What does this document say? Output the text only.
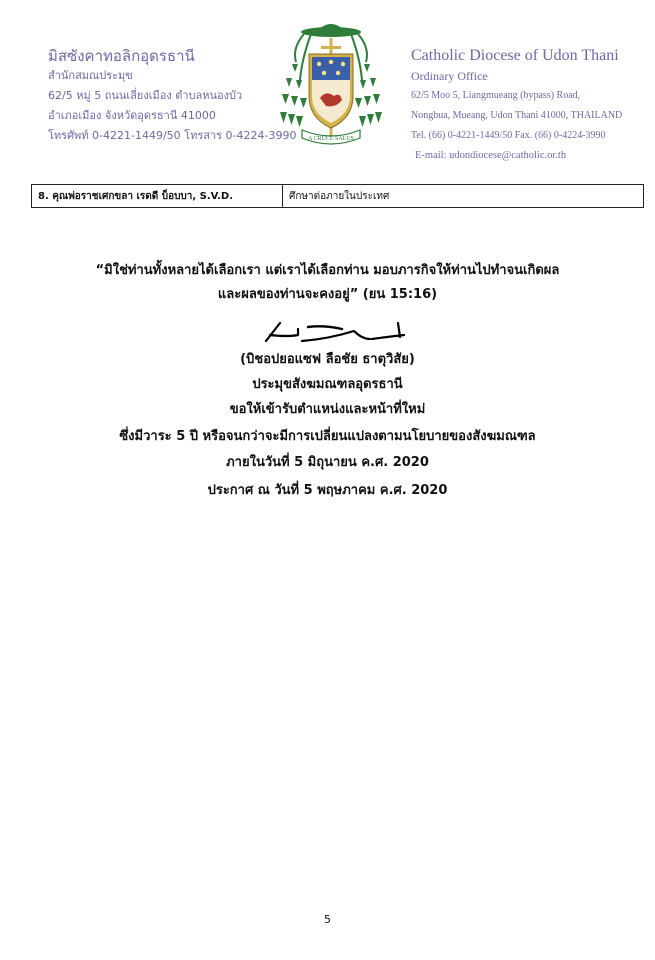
มิสซังคาทอลิกอุดรธานี
สำนักสมณประมุข
62/5 หมู่ 5 ถนนเลี่ยงเมือง ตำบลหนองบัว
อำเภอเมือง จังหวัดอุดรธานี 41000
โทรศัพท์ 0-4221-1449/50 โทรสาร 0-4224-3990 A CRUCE SALUS
Catholic Diocese of Udon Thani
Ordinary Office
62/5 Moo 5, Liangmueang (bypass) Road,
Nongbua, Mueang, Udon Thani 41000, THAILAND
Tel. (66) 0-4221-1449/50 Fax. (66) 0-4224-3990
E-mail: udondiocese@catholic.or.th
8. คุณพ่อราชเศกขลา เรดดี บ็อบบา, S.V.D.	ศึกษาต่อภายในประเทศ
“มิใช่ท่านทั้งหลายได้เลือกเรา แต่เราได้เลือกท่าน มอบภารกิจให้ท่านไปทำจนเกิดผล
และผลของท่านจะคงอยู่” (ยน 15:16)
(บิชอปยอแซฟ ลือชัย ธาตุวิสัย)
ประมุขสังฆมณฑลอุดรธานี
ขอให้เข้ารับตำแหน่งและหน้าที่ใหม่
ซึ่งมีวาระ 5 ปี หรือจนกว่าจะมีการเปลี่ยนแปลงตามนโยบายของสังฆมณฑล
ภายในวันที่ 5 มิถุนายน ค.ศ. 2020
ประกาศ ณ วันที่ 5 พฤษภาคม ค.ศ. 2020
5
